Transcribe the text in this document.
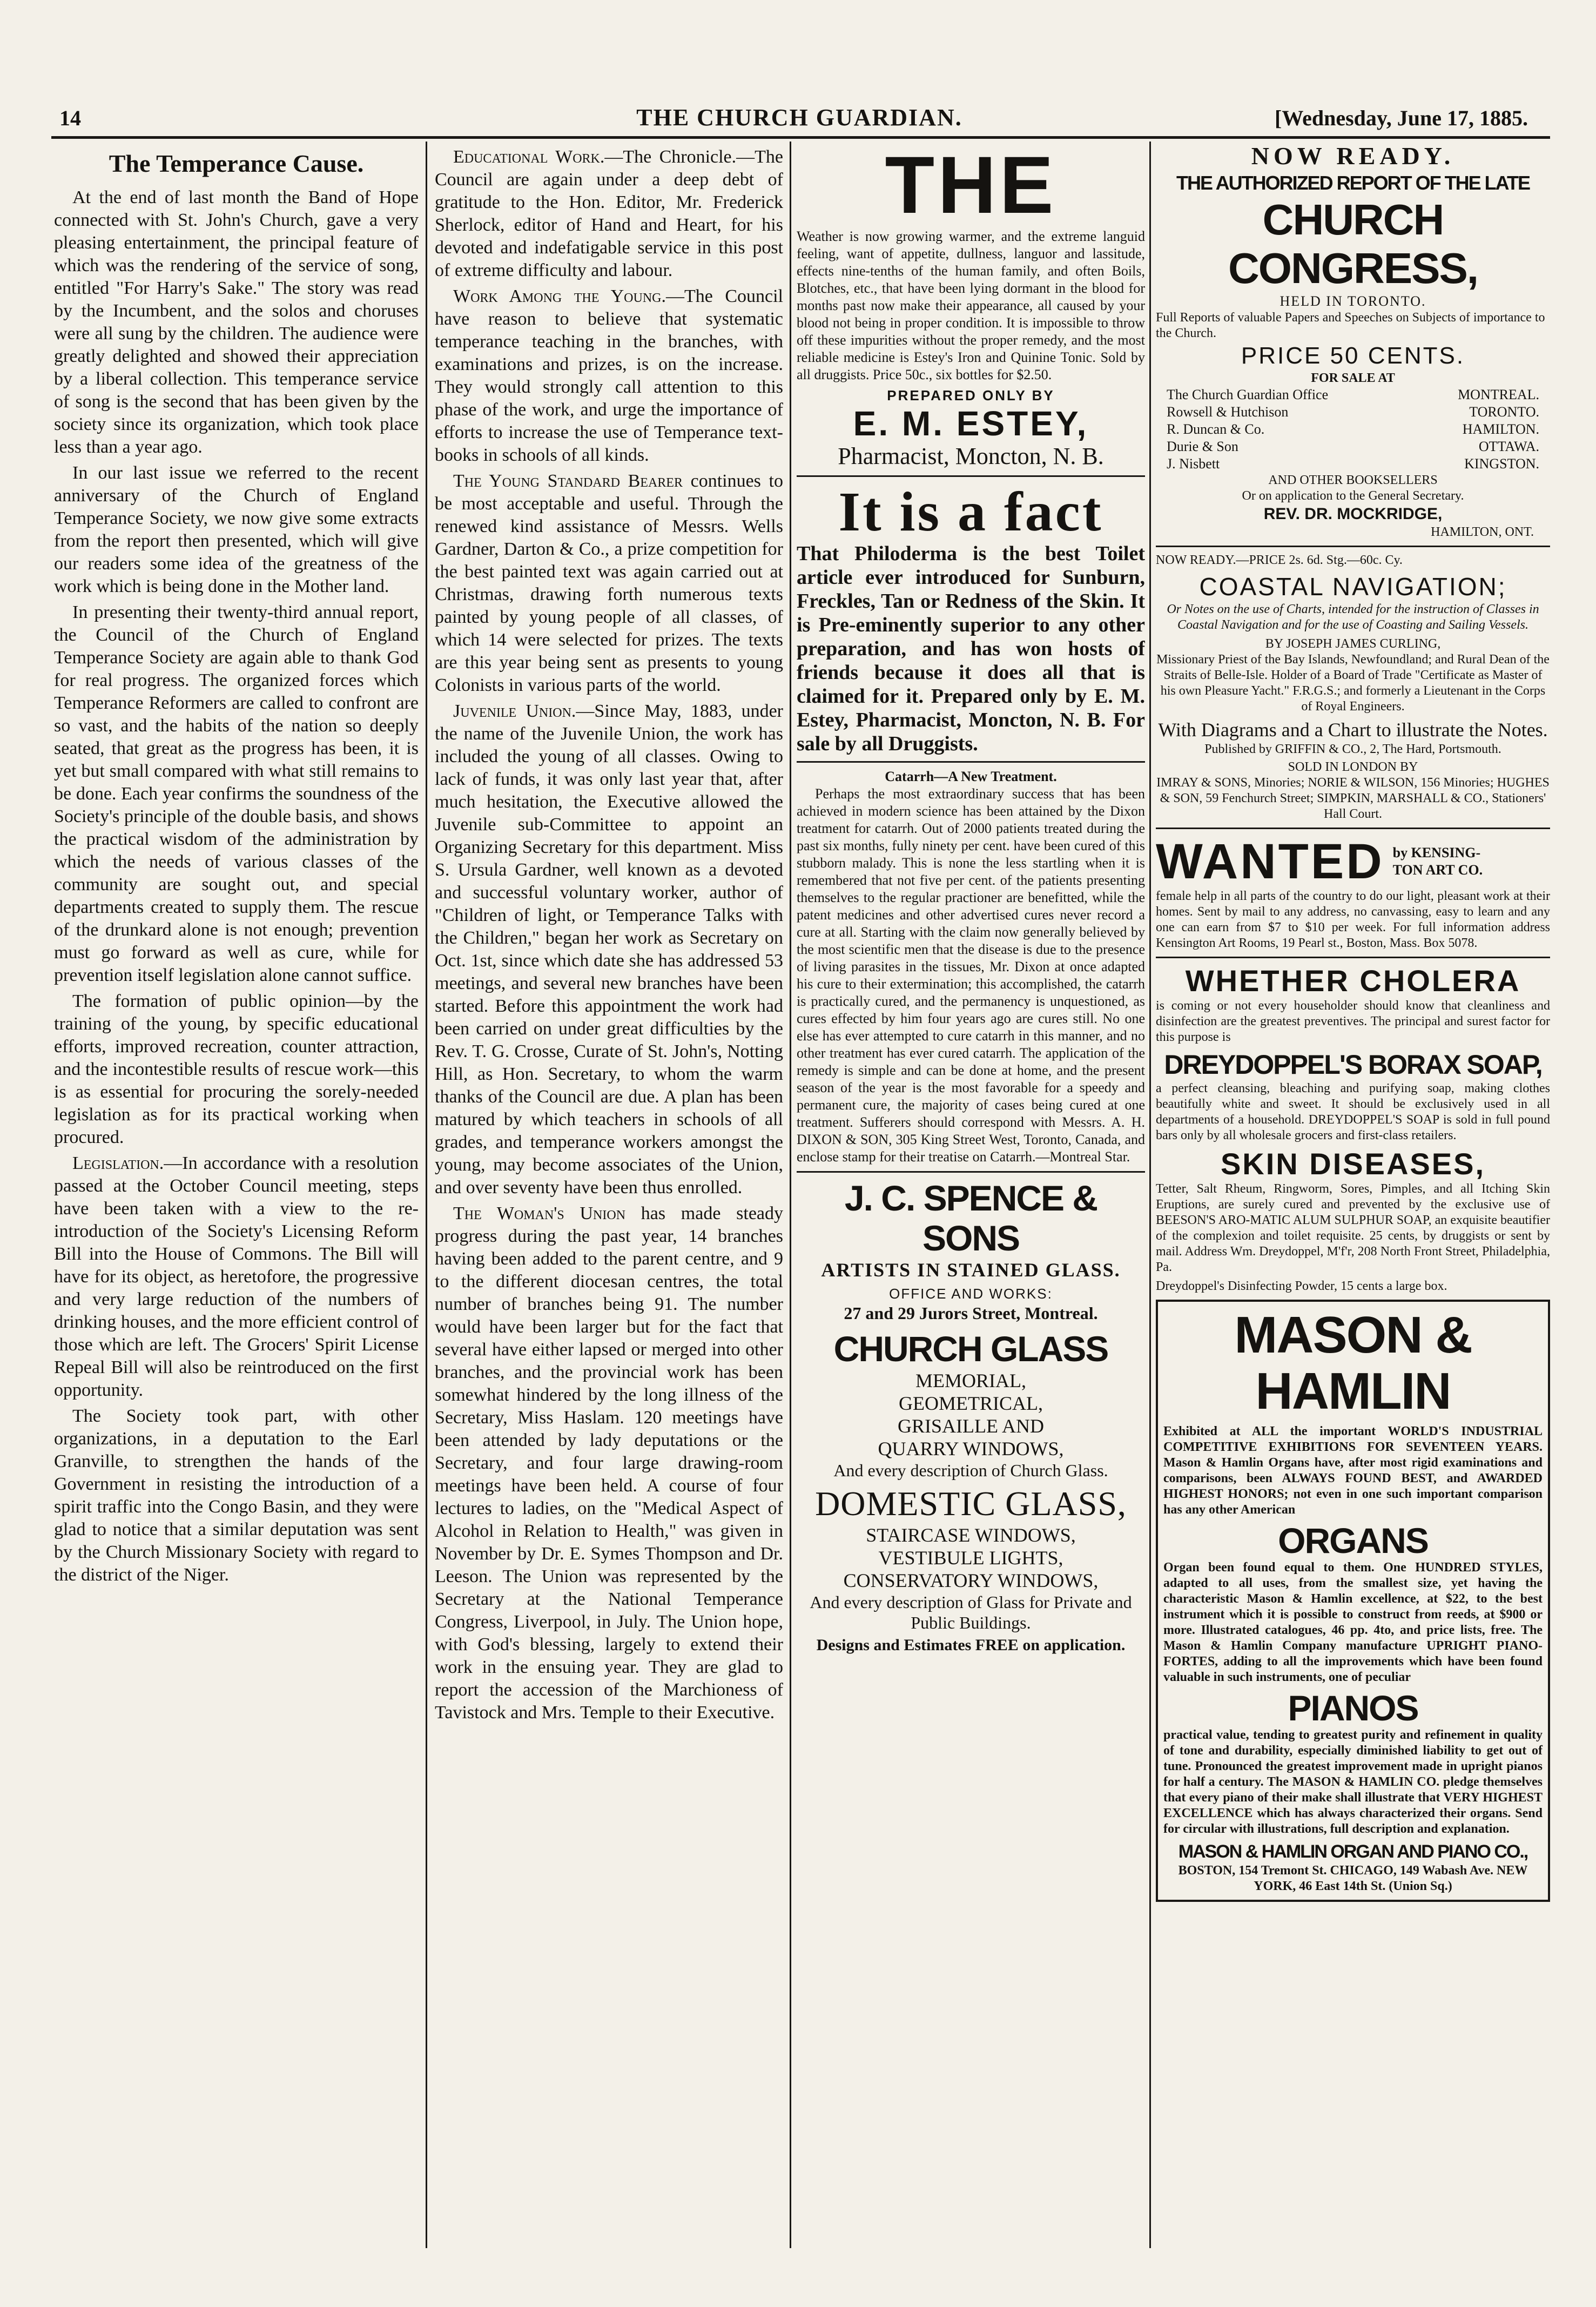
14	THE CHURCH GUARDIAN.	[Wednesday, June 17, 1885.
The Temperance Cause.

At the end of last month the Band of Hope connected with St. John's Church, gave a very pleasing entertainment, the principal feature of which was the rendering of the service of song, entitled "For Harry's Sake." The story was read by the Incumbent, and the solos and choruses were all sung by the children. The audience were greatly delighted and showed their appreciation by a liberal collection. This temperance service of song is the second that has been given by the society since its organization, which took place less than a year ago.

In our last issue we referred to the recent anniversary of the Church of England Temperance Society, we now give some extracts from the report then presented, which will give our readers some idea of the greatness of the work which is being done in the Mother land.

In presenting their twenty-third annual report, the Council of the Church of England Temperance Society are again able to thank God for real progress. The organized forces which Temperance Reformers are called to confront are so vast, and the habits of the nation so deeply seated, that great as the progress has been, it is yet but small compared with what still remains to be done. Each year confirms the soundness of the Society's principle of the double basis, and shows the practical wisdom of the administration by which the needs of various classes of the community are sought out, and special departments created to supply them. The rescue of the drunkard alone is not enough; prevention must go forward as well as cure, while for prevention itself legislation alone cannot suffice.

The formation of public opinion—by the training of the young, by specific educational efforts, improved recreation, counter attraction, and the incontestible results of rescue work—this is as essential for procuring the sorely-needed legislation as for its practical working when procured.

Legislation.—In accordance with a resolution passed at the October Council meeting, steps have been taken with a view to the re-introduction of the Society's Licensing Reform Bill into the House of Commons. The Bill will have for its object, as heretofore, the progressive and very large reduction of the numbers of drinking houses, and the more efficient control of those which are left. The Grocers' Spirit License Repeal Bill will also be reintroduced on the first opportunity.

The Society took part, with other organizations, in a deputation to the Earl Granville, to strengthen the hands of the Government in resisting the introduction of a spirit traffic into the Congo Basin, and they were glad to notice that a similar deputation was sent by the Church Missionary Society with regard to the district of the Niger.

Educational Work.—The Chronicle.—The Council are again under a deep debt of gratitude to the Hon. Editor, Mr. Frederick Sherlock, editor of Hand and Heart, for his devoted and indefatigable service in this post of extreme difficulty and labour.

Work Among the Young.—The Council have reason to believe that systematic temperance teaching in the branches, with examinations and prizes, is on the increase. They would strongly call attention to this phase of the work, and urge the importance of efforts to increase the use of Temperance text-books in schools of all kinds.

The Young Standard Bearer continues to be most acceptable and useful. Through the renewed kind assistance of Messrs. Wells Gardner, Darton & Co., a prize competition for the best painted text was again carried out at Christmas, drawing forth numerous texts painted by young people of all classes, of which 14 were selected for prizes. The texts are this year being sent as presents to young Colonists in various parts of the world.

Juvenile Union.—Since May, 1883, under the name of the Juvenile Union, the work has included the young of all classes. Owing to lack of funds, it was only last year that, after much hesitation, the Executive allowed the Juvenile sub-Committee to appoint an Organizing Secretary for this department. Miss S. Ursula Gardner, well known as a devoted and successful voluntary worker, author of "Children of light, or Temperance Talks with the Children," began her work as Secretary on Oct. 1st, since which date she has addressed 53 meetings, and several new branches have been started. Before this appointment the work had been carried on under great difficulties by the Rev. T. G. Crosse, Curate of St. John's, Notting Hill, as Hon. Secretary, to whom the warm thanks of the Council are due. A plan has been matured by which teachers in schools of all grades, and temperance workers amongst the young, may become associates of the Union, and over seventy have been thus enrolled.

The Woman's Union has made steady progress during the past year, 14 branches having been added to the parent centre, and 9 to the different diocesan centres, the total number of branches being 91. The number would have been larger but for the fact that several have either lapsed or merged into other branches, and the provincial work has been somewhat hindered by the long illness of the Secretary, Miss Haslam. 120 meetings have been attended by lady deputations or the Secretary, and four large drawing-room meetings have been held. A course of four lectures to ladies, on the "Medical Aspect of Alcohol in Relation to Health," was given in November by Dr. E. Symes Thompson and Dr. Leeson. The Union was represented by the Secretary at the National Temperance Congress, Liverpool, in July. The Union hope, with God's blessing, largely to extend their work in the ensuing year. They are glad to report the accession of the Marchioness of Tavistock and Mrs. Temple to their Executive.

THE

Weather is now growing warmer, and the extreme languid feeling, want of appetite, dullness, languor and lassitude, effects nine-tenths of the human family, and often Boils, Blotches, etc., that have been lying dormant in the blood for months past now make their appearance, all caused by your blood not being in proper condition. It is impossible to throw off these impurities without the proper remedy, and the most reliable medicine is Estey's Iron and Quinine Tonic. Sold by all druggists. Price 50c., six bottles for $2.50.

PREPARED ONLY BY
E. M. ESTEY,
Pharmacist, Moncton, N. B.
It is a fact

That Philoderma is the best Toilet article ever introduced for Sunburn, Freckles, Tan or Redness of the Skin. It is Pre-eminently superior to any other preparation, and has won hosts of friends because it does all that is claimed for it. Prepared only by E. M. Estey, Pharmacist, Moncton, N. B. For sale by all Druggists.

Catarrh—A New Treatment.

Perhaps the most extraordinary success that has been achieved in modern science has been attained by the Dixon treatment for catarrh. Out of 2000 patients treated during the past six months, fully ninety per cent. have been cured of this stubborn malady. This is none the less startling when it is remembered that not five per cent. of the patients presenting themselves to the regular practioner are benefitted, while the patent medicines and other advertised cures never record a cure at all. Starting with the claim now generally believed by the most scientific men that the disease is due to the presence of living parasites in the tissues, Mr. Dixon at once adapted his cure to their extermination; this accomplished, the catarrh is practically cured, and the permanency is unquestioned, as cures effected by him four years ago are cures still. No one else has ever attempted to cure catarrh in this manner, and no other treatment has ever cured catarrh. The application of the remedy is simple and can be done at home, and the present season of the year is the most favorable for a speedy and permanent cure, the majority of cases being cured at one treatment. Sufferers should correspond with Messrs. A. H. DIXON & SON, 305 King Street West, Toronto, Canada, and enclose stamp for their treatise on Catarrh.—Montreal Star.

J. C. SPENCE & SONS
ARTISTS IN STAINED GLASS.
OFFICE AND WORKS:
27 and 29 Jurors Street, Montreal.
CHURCH GLASS
MEMORIAL,
GEOMETRICAL,
GRISAILLE AND
QUARRY WINDOWS,
And every description of Church Glass.
DOMESTIC GLASS,
STAIRCASE WINDOWS,
VESTIBULE LIGHTS,
CONSERVATORY WINDOWS,
And every description of Glass for Private and Public Buildings.
Designs and Estimates FREE on application.
NOW READY.
THE AUTHORIZED REPORT OF THE LATE
CHURCH CONGRESS,
HELD IN TORONTO.
Full Reports of valuable Papers and Speeches on Subjects of importance to the Church.
PRICE 50 CENTS.
FOR SALE AT
The Church Guardian Office	MONTREAL.
Rowsell & Hutchison	TORONTO.
R. Duncan & Co.	HAMILTON.
Durie & Son	OTTAWA.
J. Nisbett	KINGSTON.
AND OTHER BOOKSELLERS
Or on application to the General Secretary.
REV. DR. MOCKRIDGE,
HAMILTON, ONT.
NOW READY.—PRICE 2s. 6d. Stg.—60c. Cy.
COASTAL NAVIGATION;
Or Notes on the use of Charts, intended for the instruction of Classes in Coastal Navigation and for the use of Coasting and Sailing Vessels.
BY JOSEPH JAMES CURLING,
Missionary Priest of the Bay Islands, Newfoundland; and Rural Dean of the Straits of Belle-Isle. Holder of a Board of Trade "Certificate as Master of his own Pleasure Yacht." F.R.G.S.; and formerly a Lieutenant in the Corps of Royal Engineers.
With Diagrams and a Chart to illustrate the Notes.
Published by GRIFFIN & CO., 2, The Hard, Portsmouth.
SOLD IN LONDON BY
IMRAY & SONS, Minories; NORIE & WILSON, 156 Minories; HUGHES & SON, 59 Fenchurch Street; SIMPKIN, MARSHALL & CO., Stationers' Hall Court.
WANTED by KENSING-TON ART CO.

female help in all parts of the country to do our light, pleasant work at their homes. Sent by mail to any address, no canvassing, easy to learn and any one can earn from $7 to $10 per week. For full information address Kensington Art Rooms, 19 Pearl st., Boston, Mass. Box 5078.

WHETHER CHOLERA

is coming or not every householder should know that cleanliness and disinfection are the greatest preventives. The principal and surest factor for this purpose is

DREYDOPPEL'S BORAX SOAP,

a perfect cleansing, bleaching and purifying soap, making clothes beautifully white and sweet. It should be exclusively used in all departments of a household. DREYDOPPEL'S SOAP is sold in full pound bars only by all wholesale grocers and first-class retailers.

SKIN DISEASES,

Tetter, Salt Rheum, Ringworm, Sores, Pimples, and all Itching Skin Eruptions, are surely cured and prevented by the exclusive use of BEESON'S ARO-MATIC ALUM SULPHUR SOAP, an exquisite beautifier of the complexion and toilet requisite. 25 cents, by druggists or sent by mail. Address Wm. Dreydoppel, M'f'r, 208 North Front Street, Philadelphia, Pa.

Dreydoppel's Disinfecting Powder, 15 cents a large box.
MASON & HAMLIN

Exhibited at ALL the important WORLD'S INDUSTRIAL COMPETITIVE EXHIBITIONS FOR SEVENTEEN YEARS. Mason & Hamlin Organs have, after most rigid examinations and comparisons, been ALWAYS FOUND BEST, and AWARDED HIGHEST HONORS; not even in one such important comparison has any other American

ORGANS

Organ been found equal to them. One HUNDRED STYLES, adapted to all uses, from the smallest size, yet having the characteristic Mason & Hamlin excellence, at $22, to the best instrument which it is possible to construct from reeds, at $900 or more. Illustrated catalogues, 46 pp. 4to, and price lists, free. The Mason & Hamlin Company manufacture UPRIGHT PIANO-FORTES, adding to all the improvements which have been found valuable in such instruments, one of peculiar

PIANOS

practical value, tending to greatest purity and refinement in quality of tone and durability, especially diminished liability to get out of tune. Pronounced the greatest improvement made in upright pianos for half a century. The MASON & HAMLIN CO. pledge themselves that every piano of their make shall illustrate that VERY HIGHEST EXCELLENCE which has always characterized their organs. Send for circular with illustrations, full description and explanation.

MASON & HAMLIN ORGAN AND PIANO CO.,
BOSTON, 154 Tremont St. CHICAGO, 149 Wabash Ave. NEW YORK, 46 East 14th St. (Union Sq.)
